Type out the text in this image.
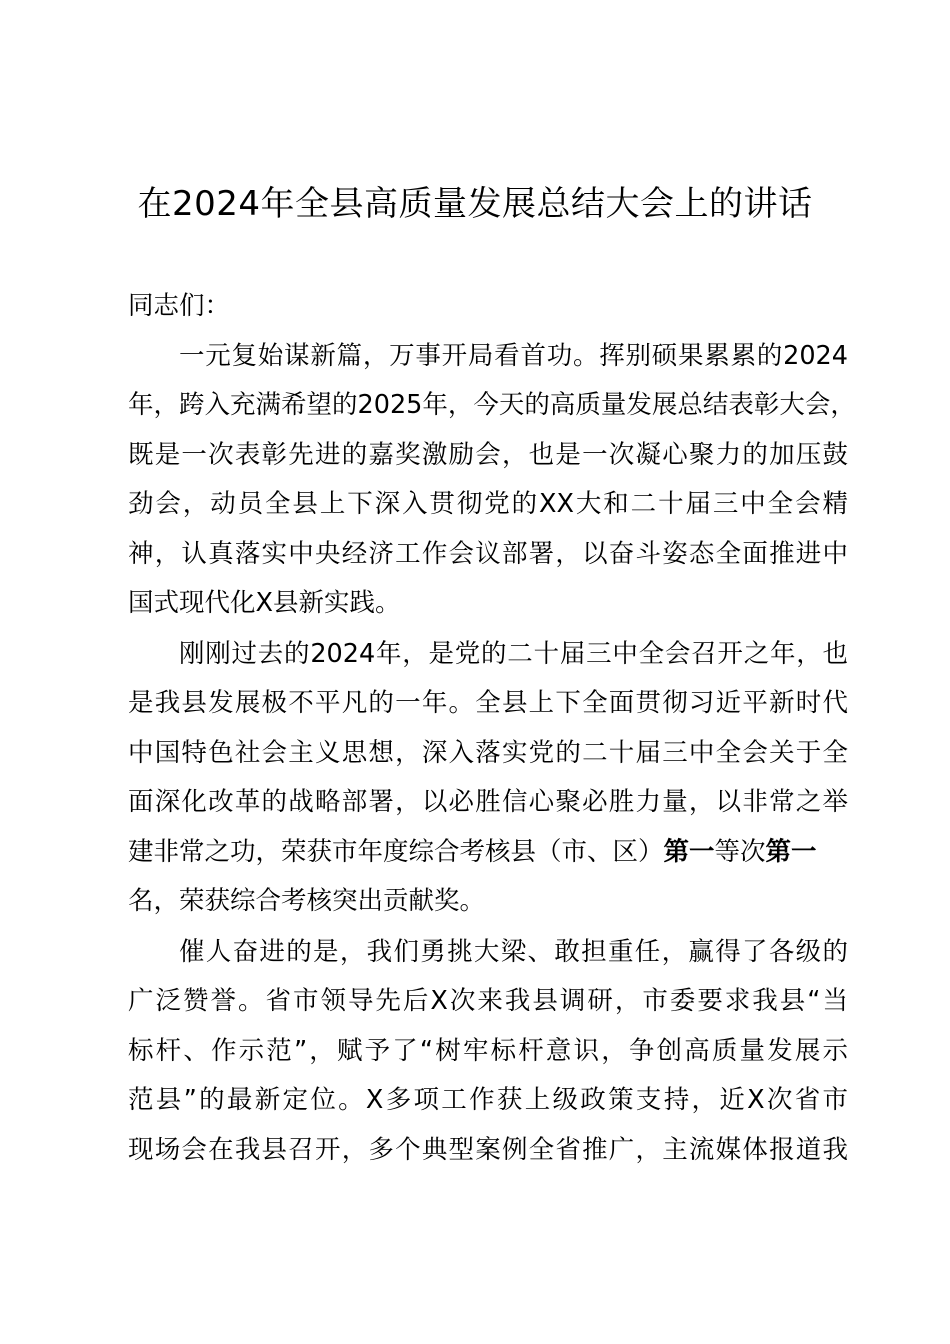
在2024年全县高质量发展总结大会上的讲话
同志们：
一元复始谋新篇，万事开局看首功。挥别硕果累累的2024
年，跨入充满希望的2025年，今天的高质量发展总结表彰大会，
既是一次表彰先进的嘉奖激励会，也是一次凝心聚力的加压鼓
劲会，动员全县上下深入贯彻党的XX大和二十届三中全会精
神，认真落实中央经济工作会议部署，以奋斗姿态全面推进中
国式现代化X县新实践。
刚刚过去的2024年，是党的二十届三中全会召开之年，也
是我县发展极不平凡的一年。全县上下全面贯彻习近平新时代
中国特色社会主义思想，深入落实党的二十届三中全会关于全
面深化改革的战略部署，以必胜信心聚必胜力量，以非常之举
建非常之功，荣获市年度综合考核县（市、区）第一等次第一
名，荣获综合考核突出贡献奖。
催人奋进的是，我们勇挑大梁、敢担重任，赢得了各级的
广泛赞誉。省市领导先后X次来我县调研，市委要求我县“当
标杆、作示范”，赋予了“树牢标杆意识，争创高质量发展示
范县”的最新定位。X多项工作获上级政策支持，近X次省市
现场会在我县召开，多个典型案例全省推广，主流媒体报道我
